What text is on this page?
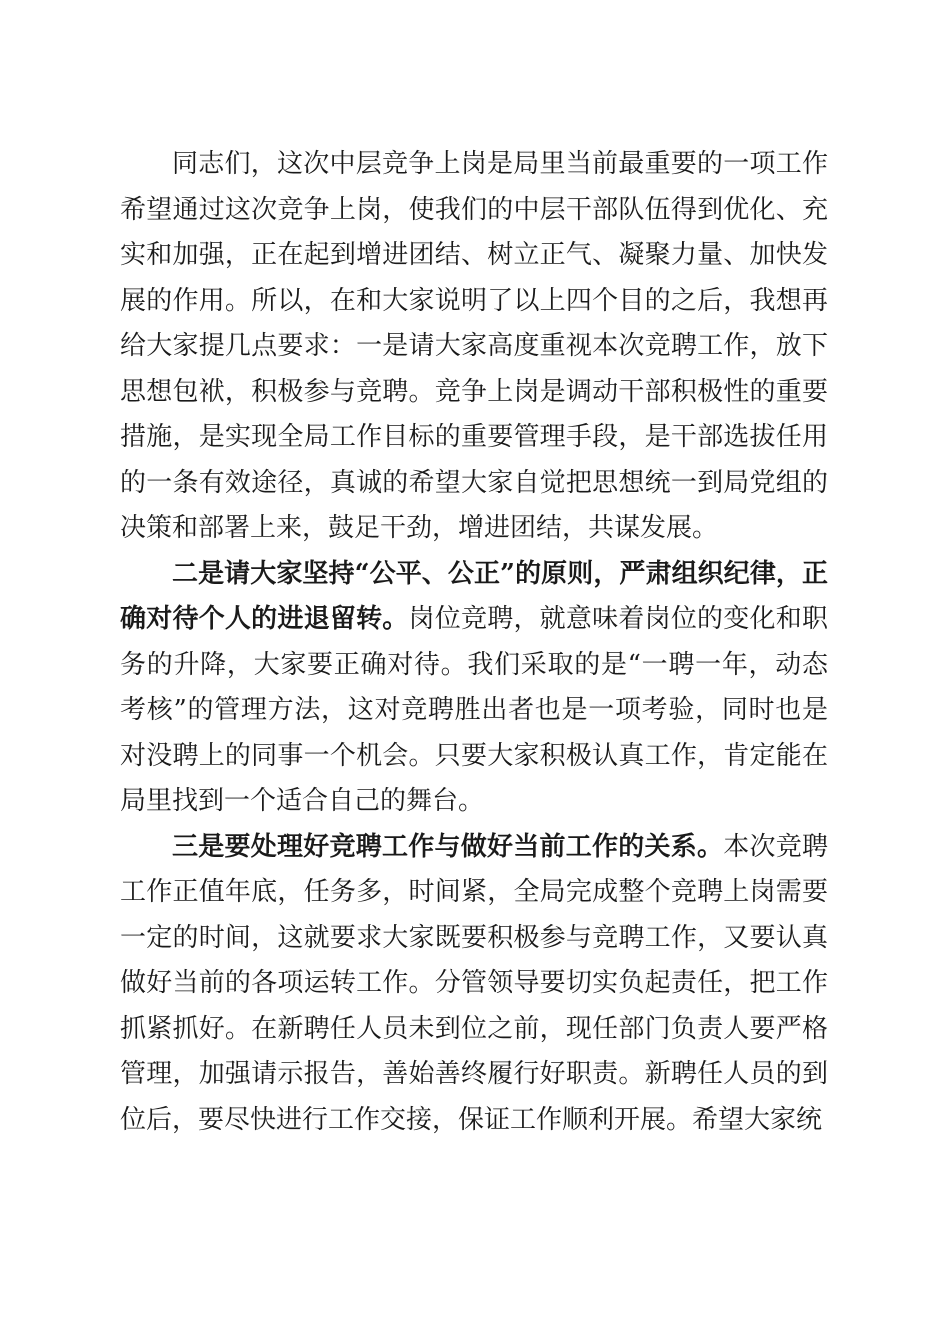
同志们，这次中层竞争上岗是局里当前最重要的一项工作希望通过这次竞争上岗，使我们的中层干部队伍得到优化、充实和加强，正在起到增进团结、树立正气、凝聚力量、加快发展的作用。所以，在和大家说明了以上四个目的之后，我想再给大家提几点要求：一是请大家高度重视本次竞聘工作，放下思想包袱，积极参与竞聘。竞争上岗是调动干部积极性的重要措施，是实现全局工作目标的重要管理手段，是干部选拔任用的一条有效途径，真诚的希望大家自觉把思想统一到局党组的决策和部署上来，鼓足干劲，增进团结，共谋发展。

二是请大家坚持“公平、公正”的原则，严肃组织纪律，正确对待个人的进退留转。岗位竞聘，就意味着岗位的变化和职务的升降，大家要正确对待。我们采取的是“一聘一年，动态考核”的管理方法，这对竞聘胜出者也是一项考验，同时也是对没聘上的同事一个机会。只要大家积极认真工作，肯定能在局里找到一个适合自己的舞台。

三是要处理好竞聘工作与做好当前工作的关系。本次竞聘工作正值年底，任务多，时间紧，全局完成整个竞聘上岗需要一定的时间，这就要求大家既要积极参与竞聘工作，又要认真做好当前的各项运转工作。分管领导要切实负起责任，把工作抓紧抓好。在新聘任人员未到位之前，现任部门负责人要严格管理，加强请示报告，善始善终履行好职责。新聘任人员的到位后，要尽快进行工作交接，保证工作顺利开展。希望大家统
